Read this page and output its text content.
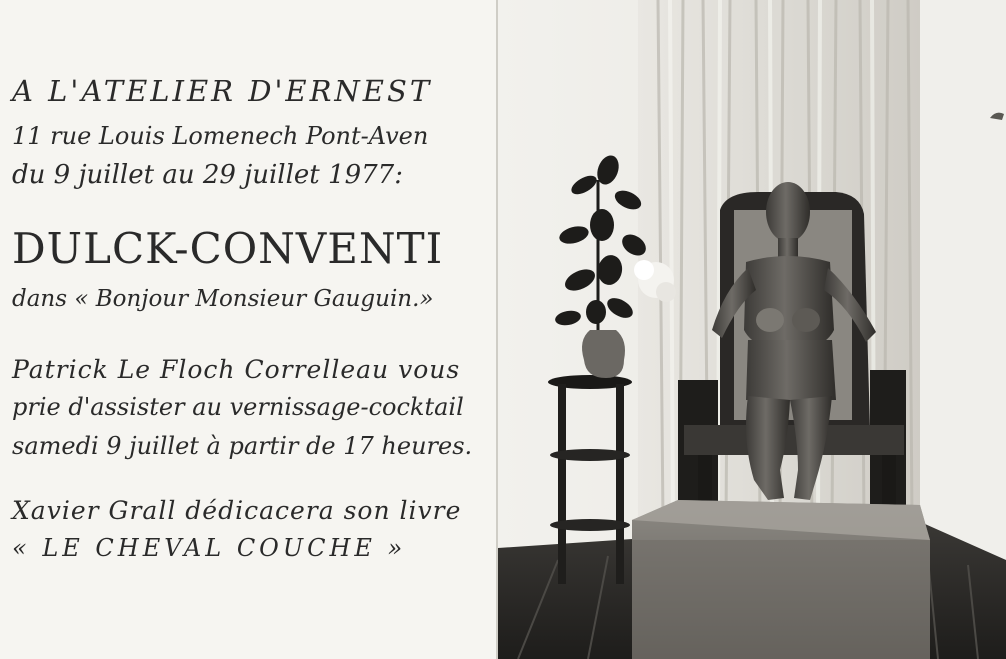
A L'ATELIER D'ERNEST
11 rue Louis Lomenech Pont-Aven
du 9 juillet au 29 juillet 1977:
DULCK-CONVENTI
dans « Bonjour Monsieur Gauguin.»
Patrick Le Floch Correlleau vous
prie d'assister au vernissage-cocktail
samedi 9 juillet à partir de 17 heures.
Xavier Grall dédicacera son livre
« LE CHEVAL COUCHE »
